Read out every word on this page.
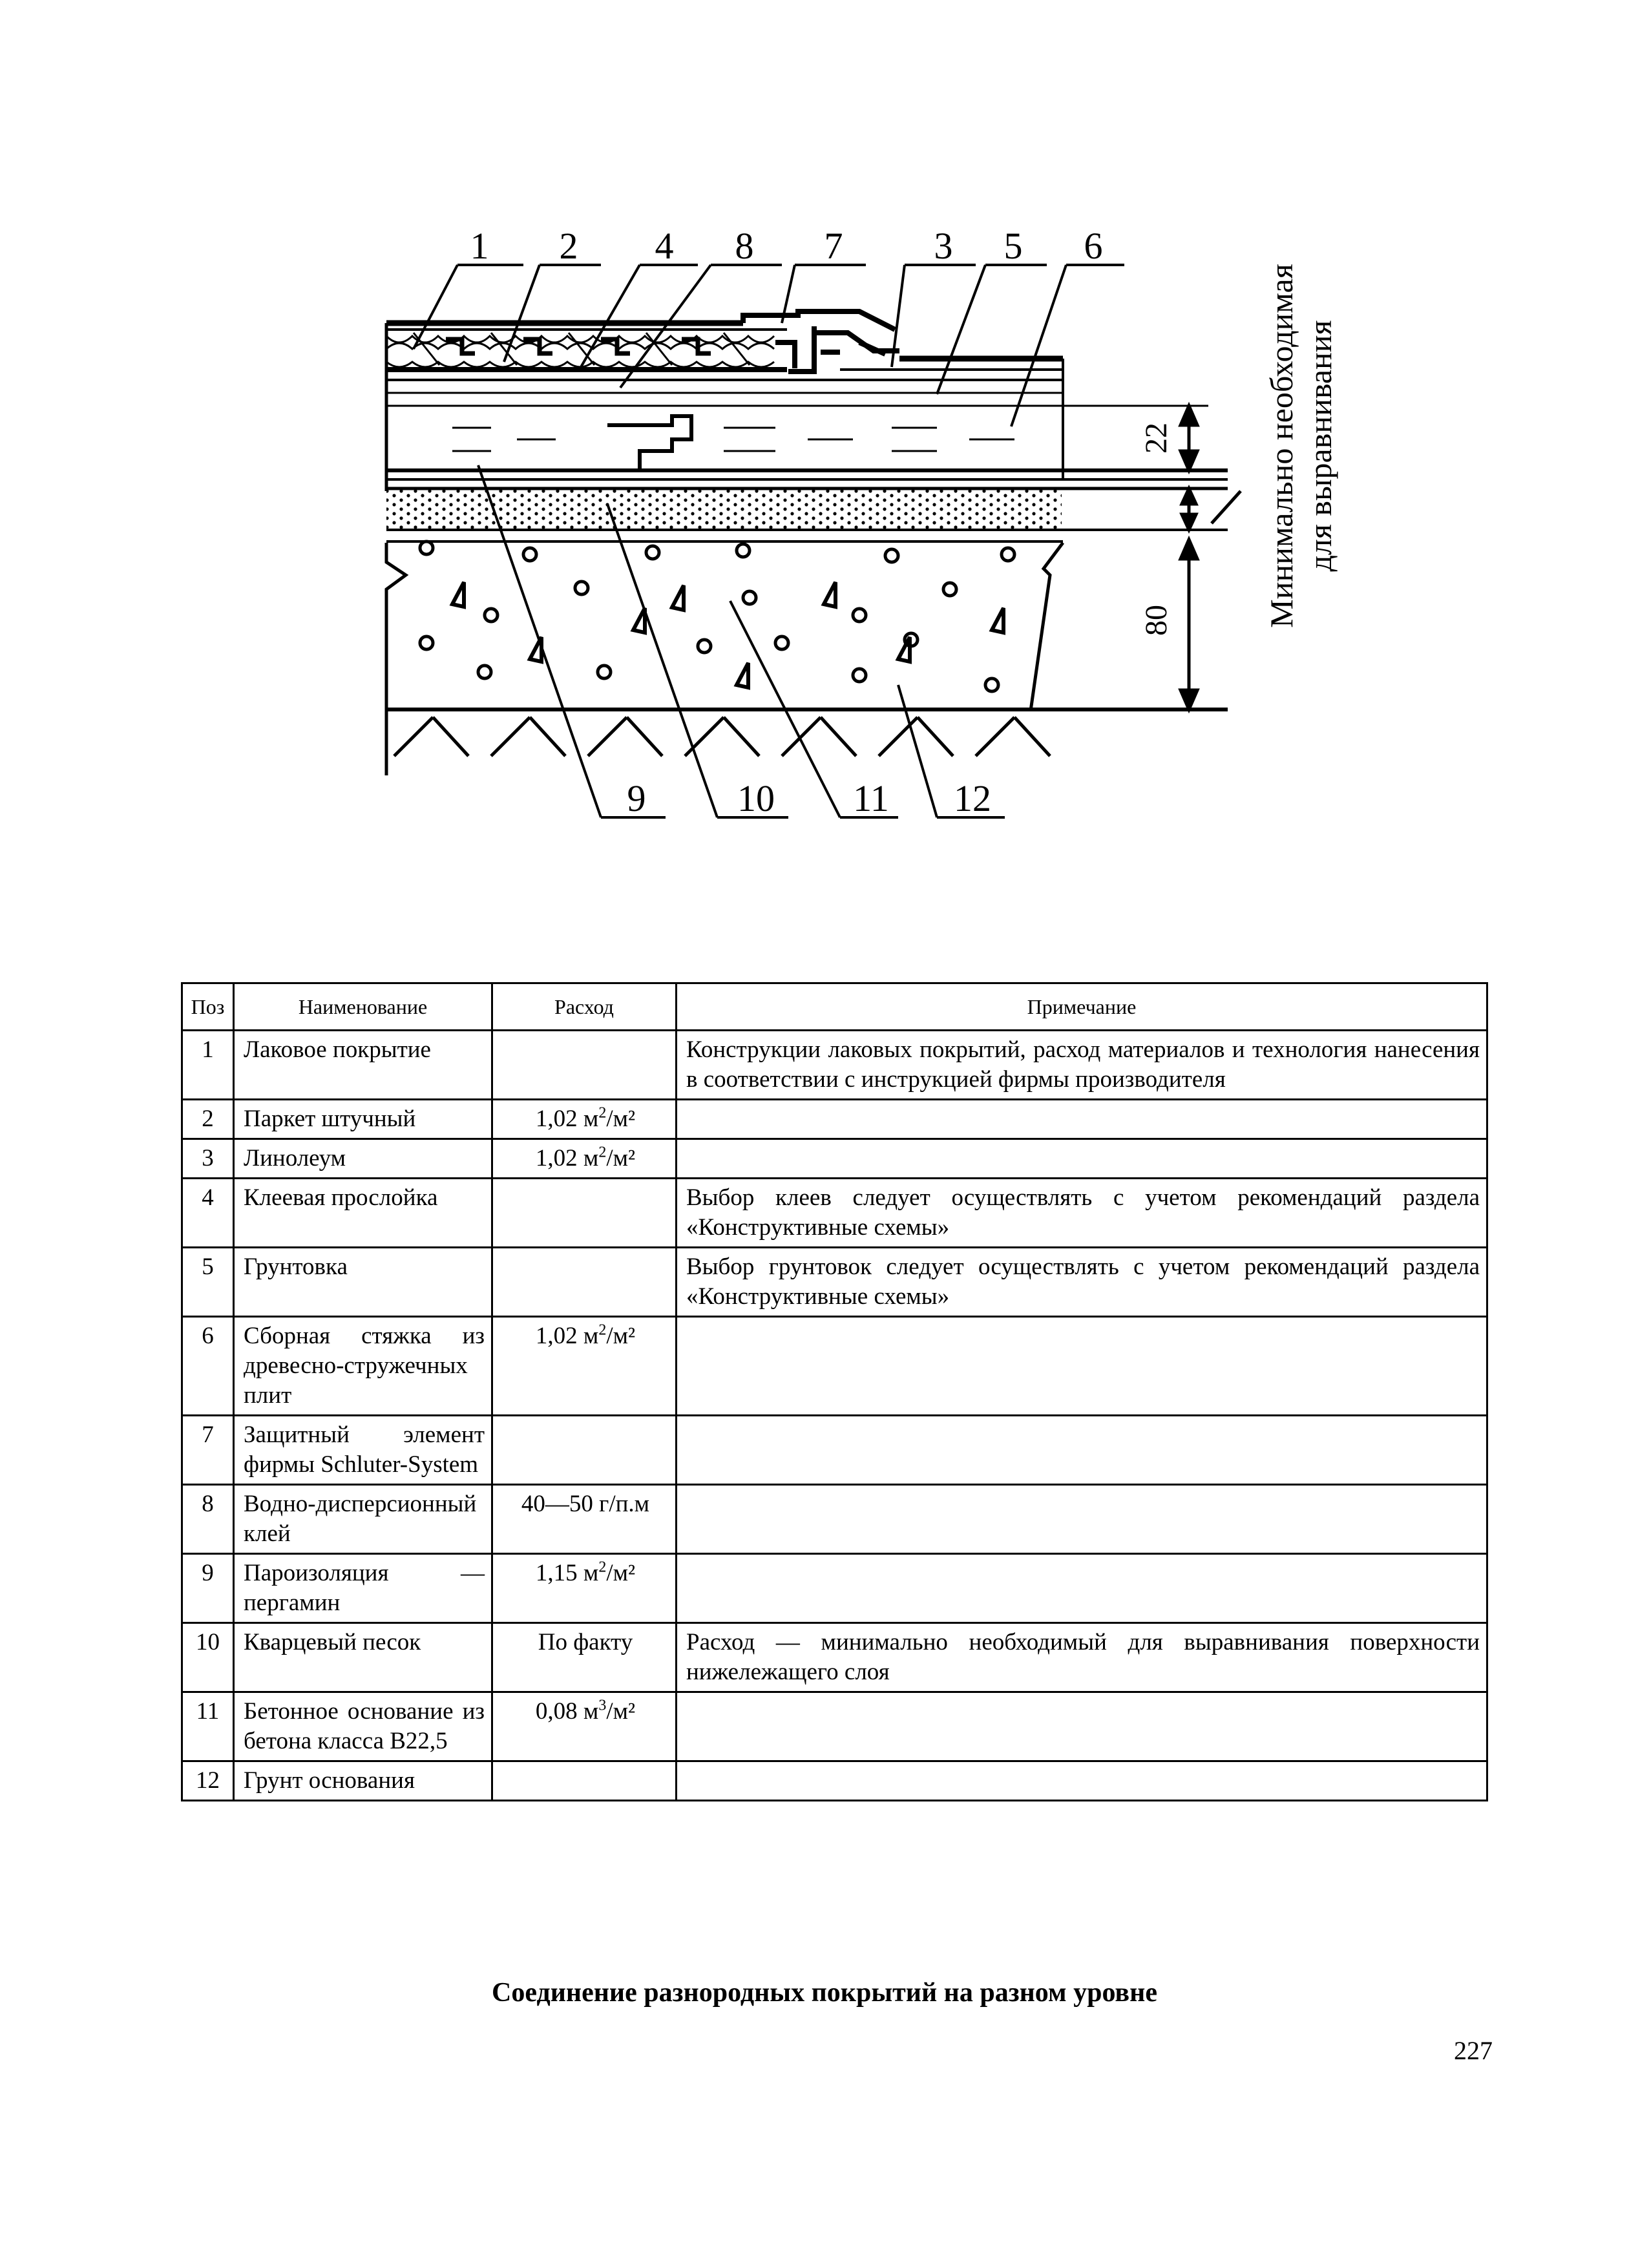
1 2 4 8 7 3 5 6
9 10 11 12
22
80	Минимально необходимая для выравнивания
Поз	Наименование	Расход	Примечание
1	Лаковое покрытие		Конструкции лаковых покрытий, расход материалов и технология нанесения в соответствии с инструкцией фирмы производителя
2	Паркет штучный	1,02 $м^2/м^2$	
3	Линолеум	1,02 $м^2/м^2$	
4	Клеевая прослойка		Выбор клеев следует осуществлять с учетом рекомендаций раздела «Конструктивные схемы»
5	Грунтовка		Выбор грунтовок следует осуществлять с учетом рекомендаций раздела «Конструктивные схемы»
6	Сборная стяжка из древесно-стружечных плит	1,02 $м^2/м^2$	
7	Защитный элемент фирмы Schluter-System		
8	Водно-дисперсионный клей	40—50 г/п.м	
9	Пароизоляция — пергамин	1,15 $м^2/м^2$	
10	Кварцевый песок	По факту	Расход — минимально необходимый для выравнивания поверхности нижележащего слоя
11	Бетонное основание из бетона класса В22,5	0,08 $м^3/м^2$	
12	Грунт основания		
Соединение разнородных покрытий на разном уровне
227
